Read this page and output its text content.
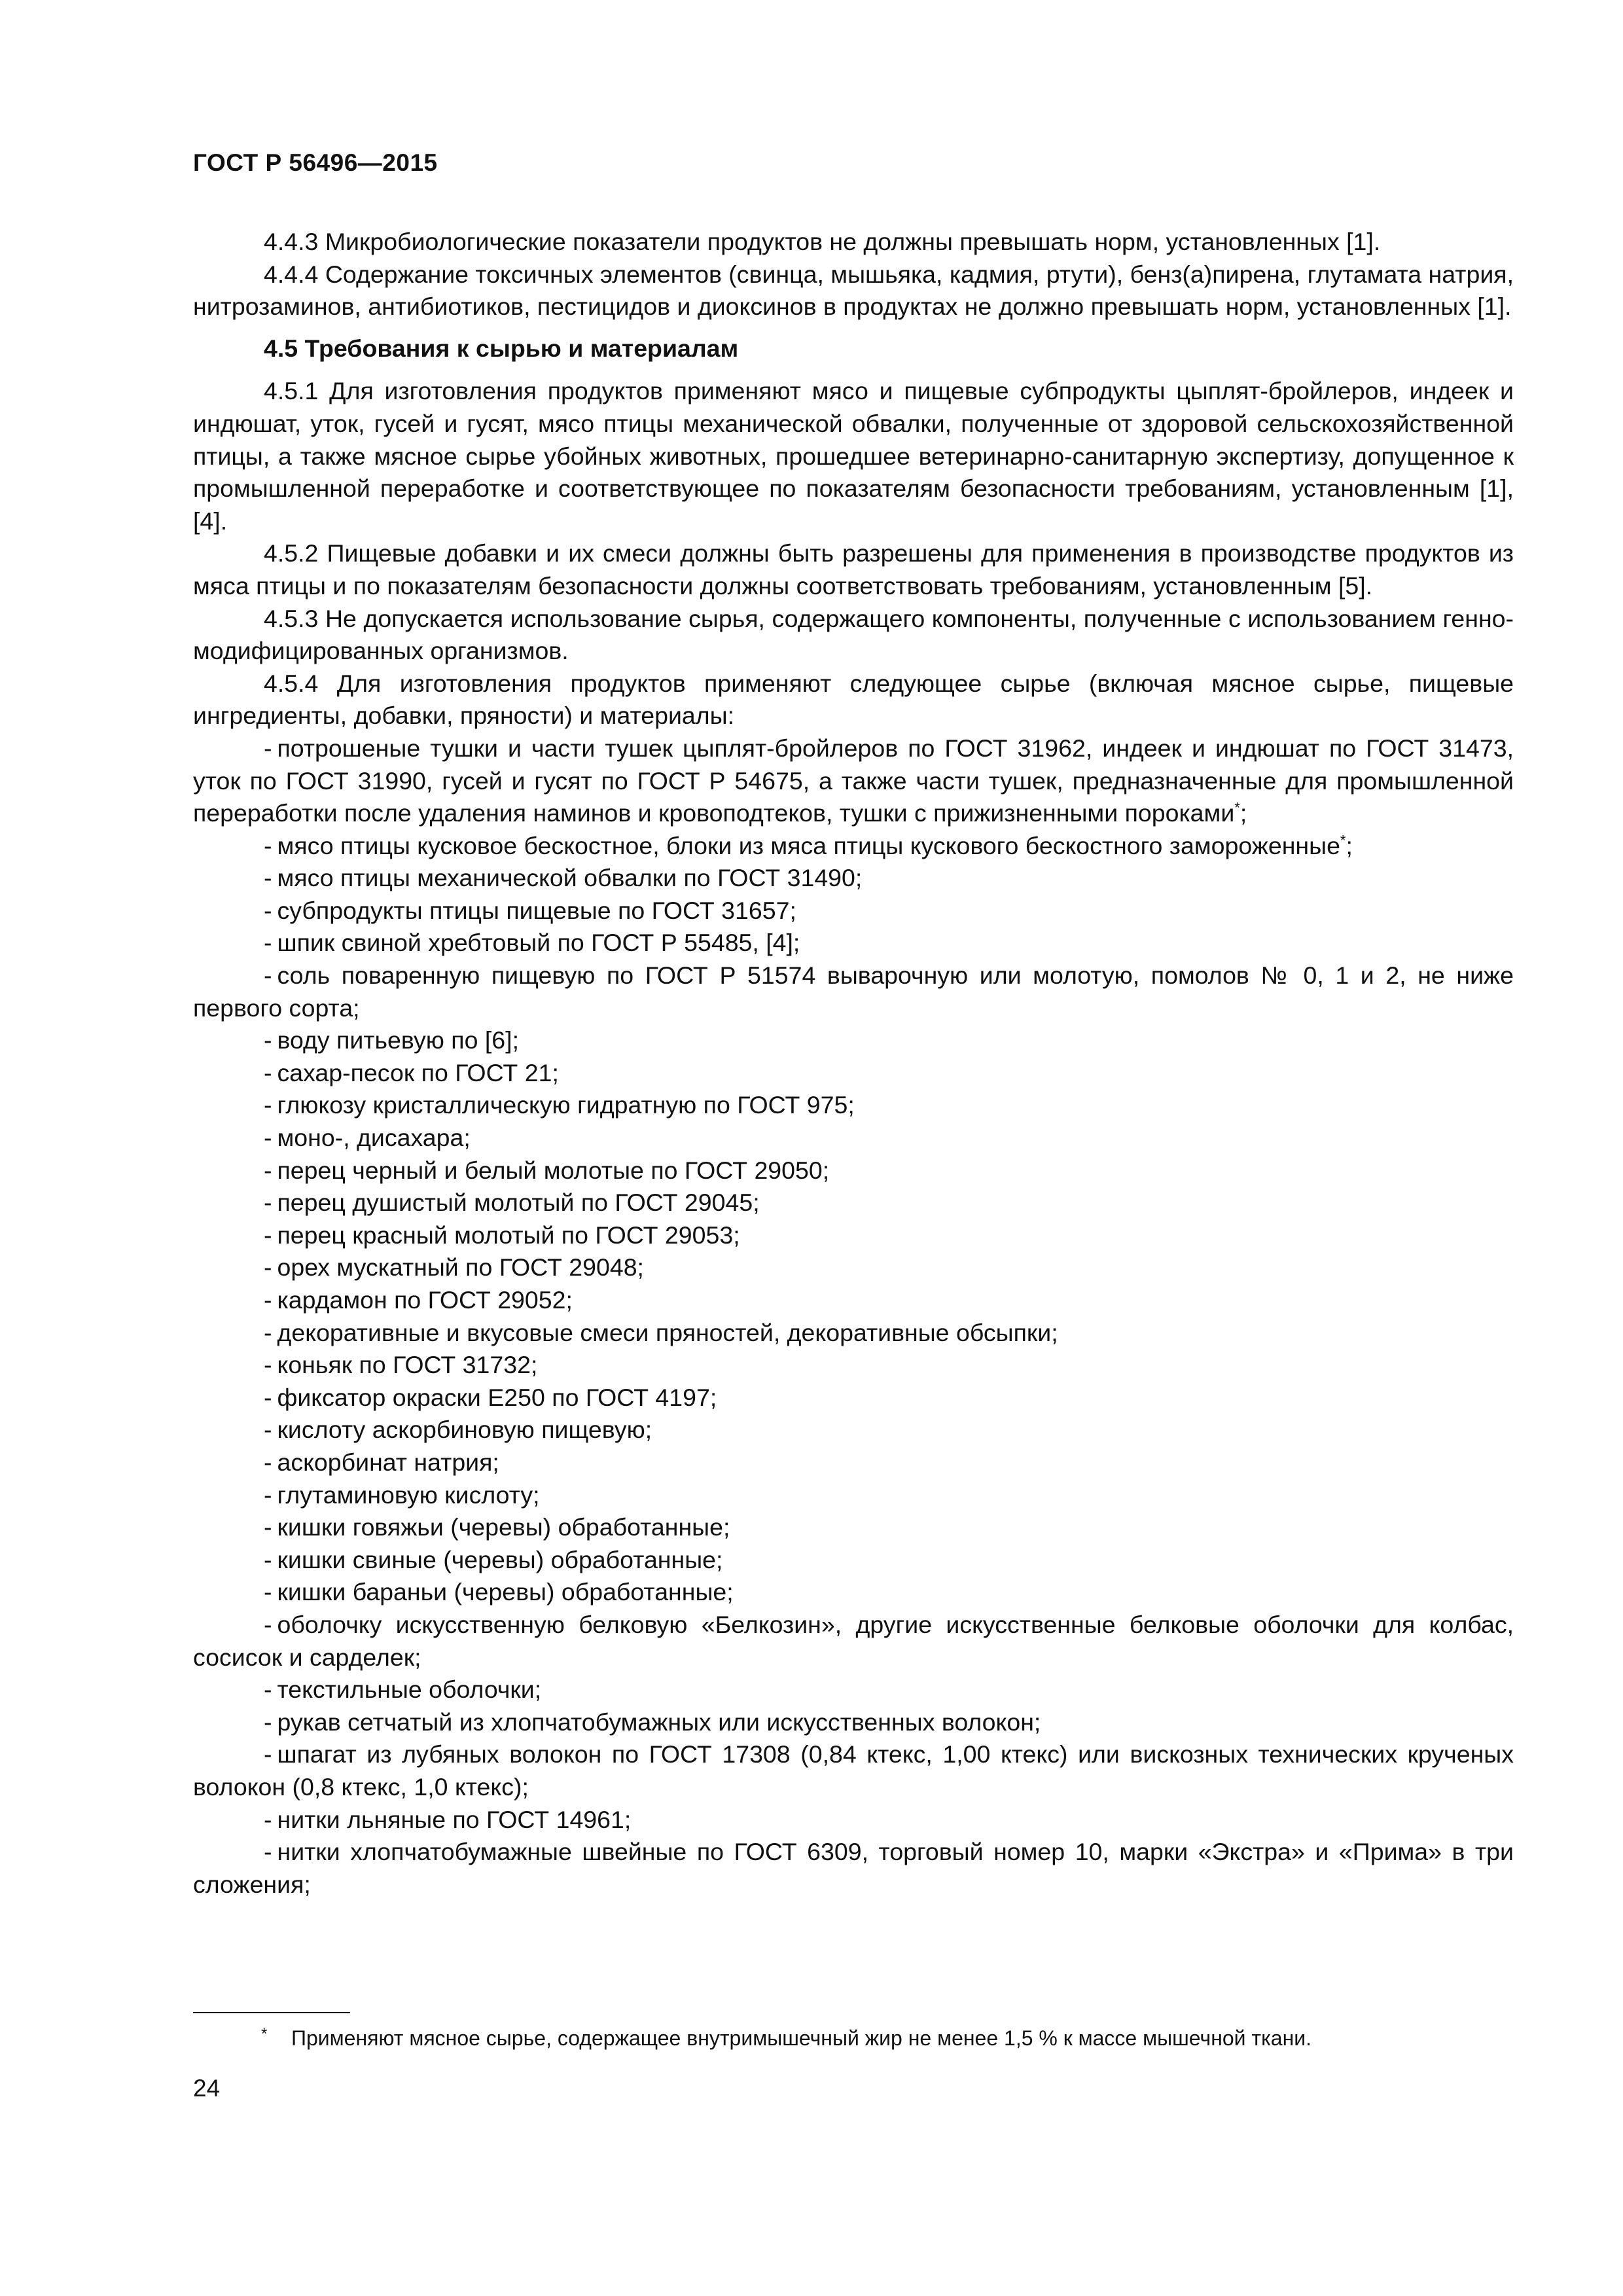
ГОСТ Р 56496—2015

4.4.3 Микробиологические показатели продуктов не должны превышать норм, установленных [1].

4.4.4 Содержание токсичных элементов (свинца, мышьяка, кадмия, ртути), бенз(а)пирена, глутамата натрия, нитрозаминов, антибиотиков, пестицидов и диоксинов в продуктах не должно превышать норм, установленных [1].

4.5 Требования к сырью и материалам

4.5.1 Для изготовления продуктов применяют мясо и пищевые субпродукты цыплят-бройлеров, индеек и индюшат, уток, гусей и гусят, мясо птицы механической обвалки, полученные от здоровой сельскохозяйственной птицы, а также мясное сырье убойных животных, прошедшее ветеринарно-санитарную экспертизу, допущенное к промышленной переработке и соответствующее по показателям безопасности требованиям, установленным [1], [4].

4.5.2 Пищевые добавки и их смеси должны быть разрешены для применения в производстве продуктов из мяса птицы и по показателям безопасности должны соответствовать требованиям, установленным [5].

4.5.3 Не допускается использование сырья, содержащего компоненты, полученные с использованием генно-модифицированных организмов.

4.5.4 Для изготовления продуктов применяют следующее сырье (включая мясное сырье, пищевые ингредиенты, добавки, пряности) и материалы:

- потрошеные тушки и части тушек цыплят-бройлеров по ГОСТ 31962, индеек и индюшат по ГОСТ 31473, уток по ГОСТ 31990, гусей и гусят по ГОСТ Р 54675, а также части тушек, предназначенные для промышленной переработки после удаления наминов и кровоподтеков, тушки с прижизненными пороками*;

- мясо птицы кусковое бескостное, блоки из мяса птицы кускового бескостного замороженные*;

- мясо птицы механической обвалки по ГОСТ 31490;

- субпродукты птицы пищевые по ГОСТ 31657;

- шпик свиной хребтовый по ГОСТ Р 55485, [4];

- соль поваренную пищевую по ГОСТ Р 51574 выварочную или молотую, помолов № 0, 1 и 2, не ниже первого сорта;

- воду питьевую по [6];

- сахар-песок по ГОСТ 21;

- глюкозу кристаллическую гидратную по ГОСТ 975;

- моно-, дисахара;

- перец черный и белый молотые по ГОСТ 29050;

- перец душистый молотый по ГОСТ 29045;

- перец красный молотый по ГОСТ 29053;

- орех мускатный по ГОСТ 29048;

- кардамон по ГОСТ 29052;

- декоративные и вкусовые смеси пряностей, декоративные обсыпки;

- коньяк по ГОСТ 31732;

- фиксатор окраски Е250 по ГОСТ 4197;

- кислоту аскорбиновую пищевую;

- аскорбинат натрия;

- глутаминовую кислоту;

- кишки говяжьи (черевы) обработанные;

- кишки свиные (черевы) обработанные;

- кишки бараньи (черевы) обработанные;

- оболочку искусственную белковую «Белкозин», другие искусственные белковые оболочки для колбас, сосисок и сарделек;

- текстильные оболочки;

- рукав сетчатый из хлопчатобумажных или искусственных волокон;

- шпагат из лубяных волокон по ГОСТ 17308 (0,84 ктекс, 1,00 ктекс) или вискозных технических крученых волокон (0,8 ктекс, 1,0 ктекс);

- нитки льняные по ГОСТ 14961;

- нитки хлопчатобумажные швейные по ГОСТ 6309, торговый номер 10, марки «Экстра» и «Прима» в три сложения;

* Применяют мясное сырье, содержащее внутримышечный жир не менее 1,5 % к массе мышечной ткани.
24
